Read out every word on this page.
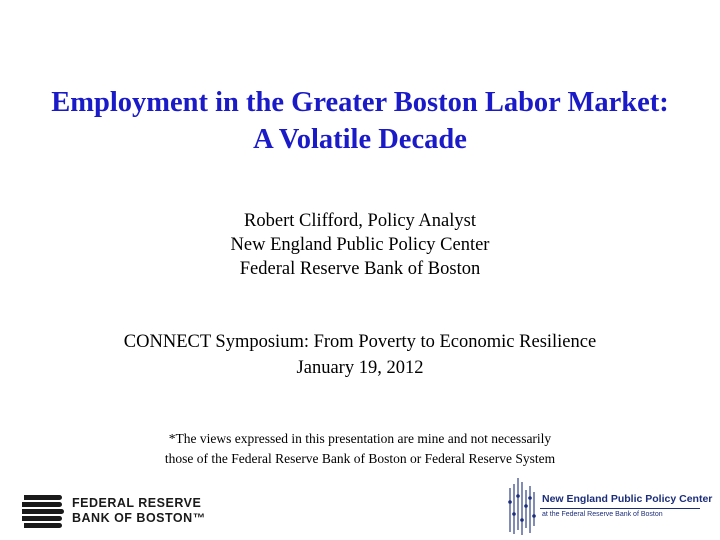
Employment in the Greater Boston Labor Market:
A Volatile Decade
Robert Clifford, Policy Analyst
New England Public Policy Center
Federal Reserve Bank of Boston
CONNECT Symposium: From Poverty to Economic Resilience
January 19, 2012
*The views expressed in this presentation are mine and not necessarily
those of the Federal Reserve Bank of Boston or Federal Reserve System
FEDERAL RESERVE
BANK OF BOSTON™
New England Public Policy Center
at the Federal Reserve Bank of Boston
